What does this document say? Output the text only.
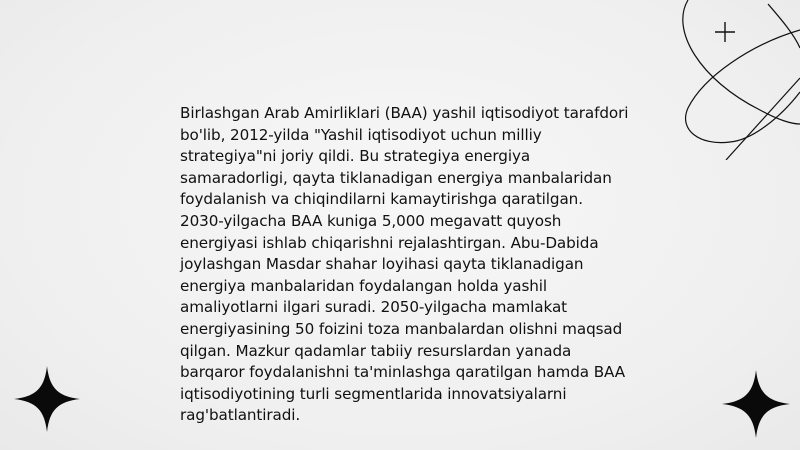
Birlashgan Arab Amirliklari (BAA) yashil iqtisodiyot tarafdori bo'lib, 2012-yilda "Yashil iqtisodiyot uchun milliy strategiya"ni joriy qildi. Bu strategiya energiya samaradorligi, qayta tiklanadigan energiya manbalaridan foydalanish va chiqindilarni kamaytirishga qaratilgan. 2030-yilgacha BAA kuniga 5,000 megavatt quyosh energiyasi ishlab chiqarishni rejalashtirgan. Abu-Dabida joylashgan Masdar shahar loyihasi qayta tiklanadigan energiya manbalaridan foydalangan holda yashil amaliyotlarni ilgari suradi. 2050-yilgacha mamlakat energiyasining 50 foizini toza manbalardan olishni maqsad qilgan. Mazkur qadamlar tabiiy resurslardan yanada barqaror foydalanishni ta'minlashga qaratilgan hamda BAA iqtisodiyotining turli segmentlarida innovatsiyalarni rag'batlantiradi.
